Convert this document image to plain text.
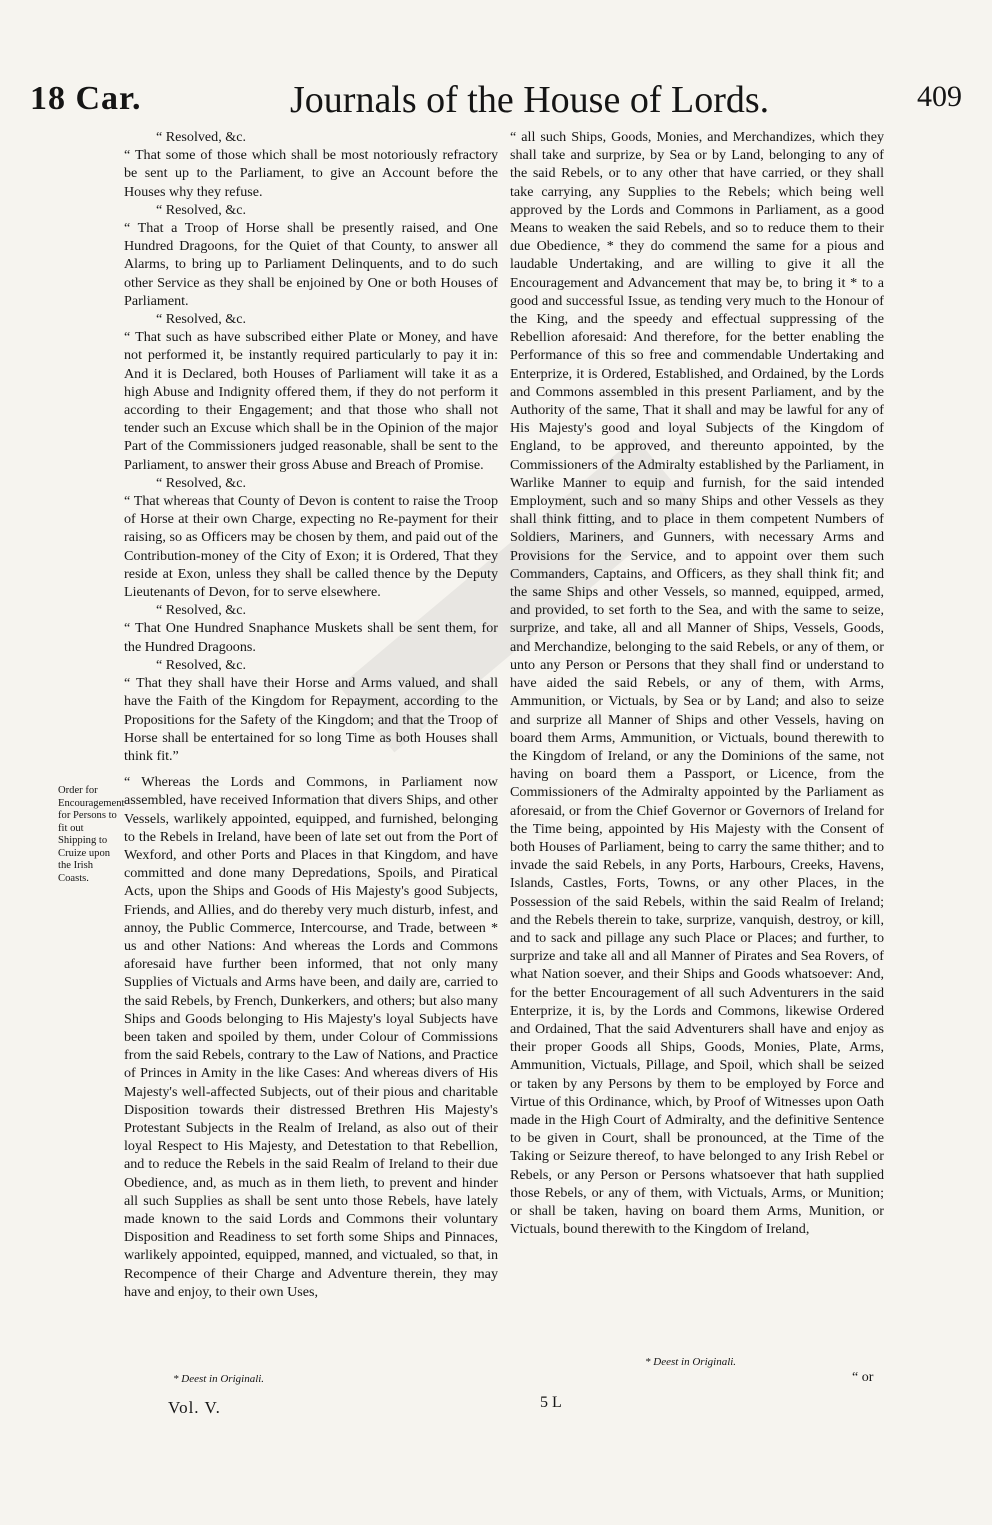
18 Car.	Journals of the House of Lords.	409
Order for Encouragement for Persons to fit out Shipping to Cruize upon the Irish Coasts.

“ Resolved, &c.

“ That some of those which shall be most notoriously refractory be sent up to the Parliament, to give an Account before the Houses why they refuse.

“ Resolved, &c.

“ That a Troop of Horse shall be presently raised, and One Hundred Dragoons, for the Quiet of that County, to answer all Alarms, to bring up to Parliament Delinquents, and to do such other Service as they shall be enjoined by One or both Houses of Parliament.

“ Resolved, &c.

“ That such as have subscribed either Plate or Money, and have not performed it, be instantly required particularly to pay it in: And it is Declared, both Houses of Parliament will take it as a high Abuse and Indignity offered them, if they do not perform it according to their Engagement; and that those who shall not tender such an Excuse which shall be in the Opinion of the major Part of the Commissioners judged reasonable, shall be sent to the Parliament, to answer their gross Abuse and Breach of Promise.

“ Resolved, &c.

“ That whereas that County of Devon is content to raise the Troop of Horse at their own Charge, expecting no Re-payment for their raising, so as Officers may be chosen by them, and paid out of the Contribution-money of the City of Exon; it is Ordered, That they reside at Exon, unless they shall be called thence by the Deputy Lieutenants of Devon, for to serve elsewhere.

“ Resolved, &c.

“ That One Hundred Snaphance Muskets shall be sent them, for the Hundred Dragoons.

“ Resolved, &c.

“ That they shall have their Horse and Arms valued, and shall have the Faith of the Kingdom for Repayment, according to the Propositions for the Safety of the Kingdom; and that the Troop of Horse shall be entertained for so long Time as both Houses shall think fit.”

“ Whereas the Lords and Commons, in Parliament now assembled, have received Information that divers Ships, and other Vessels, warlikely appointed, equipped, and furnished, belonging to the Rebels in Ireland, have been of late set out from the Port of Wexford, and other Ports and Places in that Kingdom, and have committed and done many Depredations, Spoils, and Piratical Acts, upon the Ships and Goods of His Majesty's good Subjects, Friends, and Allies, and do thereby very much disturb, infest, and annoy, the Public Commerce, Intercourse, and Trade, between * us and other Nations: And whereas the Lords and Commons aforesaid have further been informed, that not only many Supplies of Victuals and Arms have been, and daily are, carried to the said Rebels, by French, Dunkerkers, and others; but also many Ships and Goods belonging to His Majesty's loyal Subjects have been taken and spoiled by them, under Colour of Commissions from the said Rebels, contrary to the Law of Nations, and Practice of Princes in Amity in the like Cases: And whereas divers of His Majesty's well-affected Subjects, out of their pious and charitable Disposition towards their distressed Brethren His Majesty's Protestant Subjects in the Realm of Ireland, as also out of their loyal Respect to His Majesty, and Detestation to that Rebellion, and to reduce the Rebels in the said Realm of Ireland to their due Obedience, and, as much as in them lieth, to prevent and hinder all such Supplies as shall be sent unto those Rebels, have lately made known to the said Lords and Commons their voluntary Disposition and Readiness to set forth some Ships and Pinnaces, warlikely appointed, equipped, manned, and victualed, so that, in Recompence of their Charge and Adventure therein, they may have and enjoy, to their own Uses,

“ all such Ships, Goods, Monies, and Merchandizes, which they shall take and surprize, by Sea or by Land, belonging to any of the said Rebels, or to any other that have carried, or they shall take carrying, any Supplies to the Rebels; which being well approved by the Lords and Commons in Parliament, as a good Means to weaken the said Rebels, and so to reduce them to their due Obedience, * they do commend the same for a pious and laudable Undertaking, and are willing to give it all the Encouragement and Advancement that may be, to bring it * to a good and successful Issue, as tending very much to the Honour of the King, and the speedy and effectual suppressing of the Rebellion aforesaid: And therefore, for the better enabling the Performance of this so free and commendable Undertaking and Enterprize, it is Ordered, Established, and Ordained, by the Lords and Commons assembled in this present Parliament, and by the Authority of the same, That it shall and may be lawful for any of His Majesty's good and loyal Subjects of the Kingdom of England, to be approved, and thereunto appointed, by the Commissioners of the Admiralty established by the Parliament, in Warlike Manner to equip and furnish, for the said intended Employment, such and so many Ships and other Vessels as they shall think fitting, and to place in them competent Numbers of Soldiers, Mariners, and Gunners, with necessary Arms and Provisions for the Service, and to appoint over them such Commanders, Captains, and Officers, as they shall think fit; and the same Ships and other Vessels, so manned, equipped, armed, and provided, to set forth to the Sea, and with the same to seize, surprize, and take, all and all Manner of Ships, Vessels, Goods, and Merchandize, belonging to the said Rebels, or any of them, or unto any Person or Persons that they shall find or understand to have aided the said Rebels, or any of them, with Arms, Ammunition, or Victuals, by Sea or by Land; and also to seize and surprize all Manner of Ships and other Vessels, having on board them Arms, Ammunition, or Victuals, bound therewith to the Kingdom of Ireland, or any the Dominions of the same, not having on board them a Passport, or Licence, from the Commissioners of the Admiralty appointed by the Parliament as aforesaid, or from the Chief Governor or Governors of Ireland for the Time being, appointed by His Majesty with the Consent of both Houses of Parliament, being to carry the same thither; and to invade the said Rebels, in any Ports, Harbours, Creeks, Havens, Islands, Castles, Forts, Towns, or any other Places, in the Possession of the said Rebels, within the said Realm of Ireland; and the Rebels therein to take, surprize, vanquish, destroy, or kill, and to sack and pillage any such Place or Places; and further, to surprize and take all and all Manner of Pirates and Sea Rovers, of what Nation soever, and their Ships and Goods whatsoever: And, for the better Encouragement of all such Adventurers in the said Enterprize, it is, by the Lords and Commons, likewise Ordered and Ordained, That the said Adventurers shall have and enjoy as their proper Goods all Ships, Goods, Monies, Plate, Arms, Ammunition, Victuals, Pillage, and Spoil, which shall be seized or taken by any Persons by them to be employed by Force and Virtue of this Ordinance, which, by Proof of Witnesses upon Oath made in the High Court of Admiralty, and the definitive Sentence to be given in Court, shall be pronounced, at the Time of the Taking or Seizure thereof, to have belonged to any Irish Rebel or Rebels, or any Person or Persons whatsoever that hath supplied those Rebels, or any of them, with Victuals, Arms, or Munition; or shall be taken, having on board them Arms, Munition, or Victuals, bound therewith to the Kingdom of Ireland,

* Deest in Originali.
* Deest in Originali.
Vol. V.	5 L
“ or
